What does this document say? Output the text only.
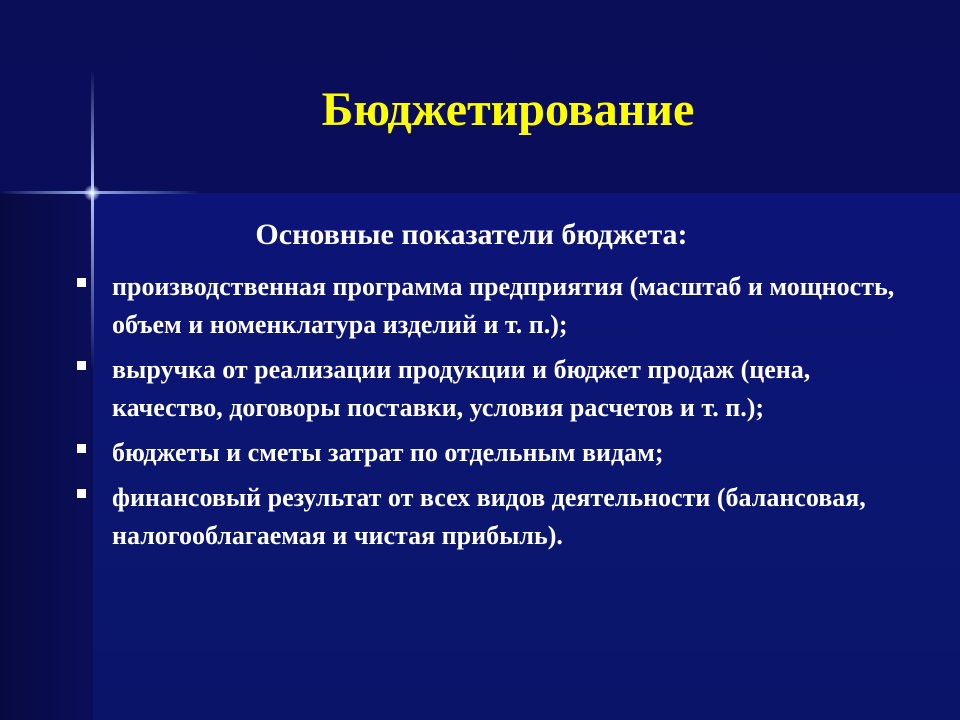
Бюджетирование
Основные показатели бюджета:
производственная программа предприятия (масштаб и мощность, объем и номенклатура изделий и т. п.);
выручка от реализации продукции и бюджет продаж (цена, качество, договоры поставки, условия расчетов и т. п.);
бюджеты и сметы затрат по отдельным видам;
финансовый результат от всех видов деятельности (балансовая, налогооблагаемая и чистая прибыль).
